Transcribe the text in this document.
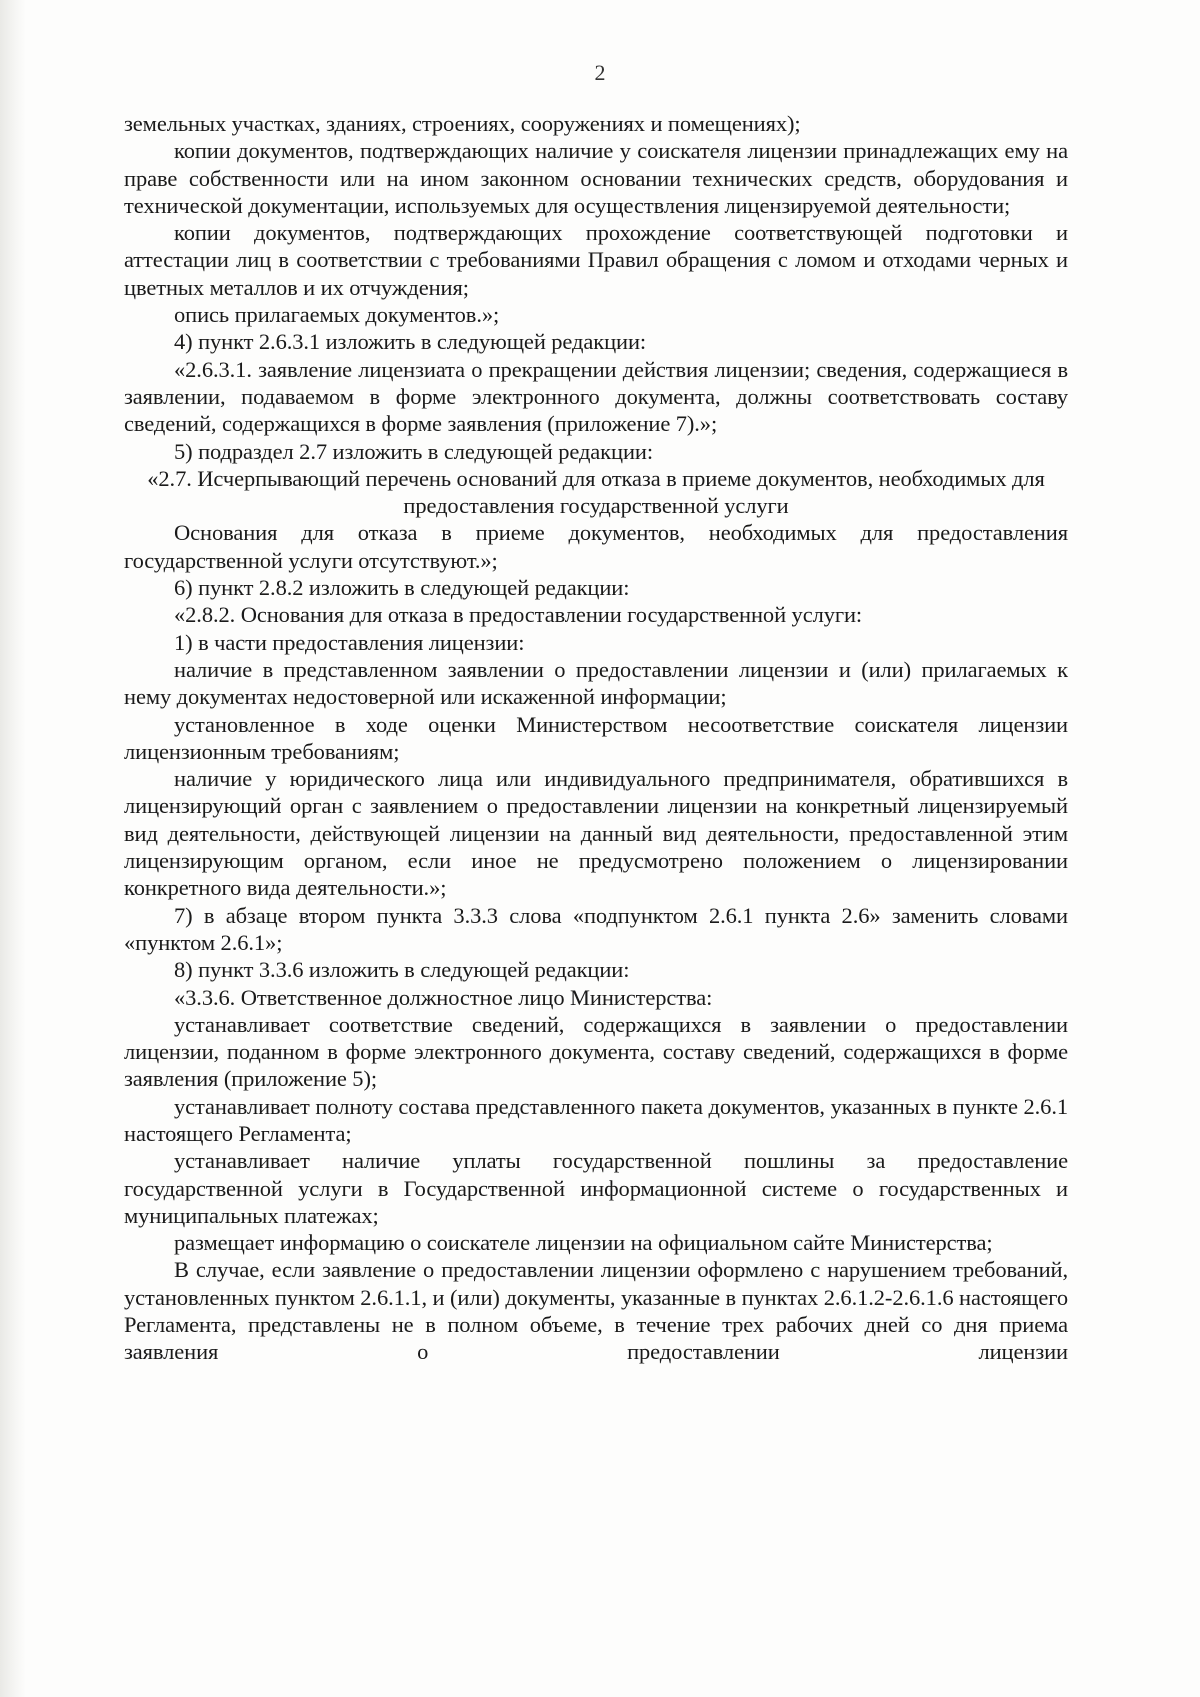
2

земельных участках, зданиях, строениях, сооружениях и помещениях);

копии документов, подтверждающих наличие у соискателя лицензии принадлежащих ему на праве собственности или на ином законном основании технических средств, оборудования и технической документации, используемых для осуществления лицензируемой деятельности;

копии документов, подтверждающих прохождение соответствующей подготовки и аттестации лиц в соответствии с требованиями Правил обращения с ломом и отходами черных и цветных металлов и их отчуждения;

опись прилагаемых документов.»;

4) пункт 2.6.3.1 изложить в следующей редакции:

«2.6.3.1. заявление лицензиата о прекращении действия лицензии; сведения, содержащиеся в заявлении, подаваемом в форме электронного документа, должны соответствовать составу сведений, содержащихся в форме заявления (приложение 7).»;

5) подраздел 2.7 изложить в следующей редакции:

«2.7. Исчерпывающий перечень оснований для отказа в приеме документов, необходимых для предоставления государственной услуги

Основания для отказа в приеме документов, необходимых для предоставления государственной услуги отсутствуют.»;

6) пункт 2.8.2 изложить в следующей редакции:

«2.8.2. Основания для отказа в предоставлении государственной услуги:

1) в части предоставления лицензии:

наличие в представленном заявлении о предоставлении лицензии и (или) прилагаемых к нему документах недостоверной или искаженной информации;

установленное в ходе оценки Министерством несоответствие соискателя лицензии лицензионным требованиям;

наличие у юридического лица или индивидуального предпринимателя, обратившихся в лицензирующий орган с заявлением о предоставлении лицензии на конкретный лицензируемый вид деятельности, действующей лицензии на данный вид деятельности, предоставленной этим лицензирующим органом, если иное не предусмотрено положением о лицензировании конкретного вида деятельности.»;

7) в абзаце втором пункта 3.3.3 слова «подпунктом 2.6.1 пункта 2.6» заменить словами «пунктом 2.6.1»;

8) пункт 3.3.6 изложить в следующей редакции:

«3.3.6. Ответственное должностное лицо Министерства:

устанавливает соответствие сведений, содержащихся в заявлении о предоставлении лицензии, поданном в форме электронного документа, составу сведений, содержащихся в форме заявления (приложение 5);

устанавливает полноту состава представленного пакета документов, указанных в пункте 2.6.1 настоящего Регламента;

устанавливает наличие уплаты государственной пошлины за предоставление государственной услуги в Государственной информационной системе о государственных и муниципальных платежах;

размещает информацию о соискателе лицензии на официальном сайте Министерства;

В случае, если заявление о предоставлении лицензии оформлено с нарушением требований, установленных пунктом 2.6.1.1, и (или) документы, указанные в пунктах 2.6.1.2-2.6.1.6 настоящего Регламента, представлены не в полном объеме, в течение трех рабочих дней со дня приема заявления о предоставлении лицензии
